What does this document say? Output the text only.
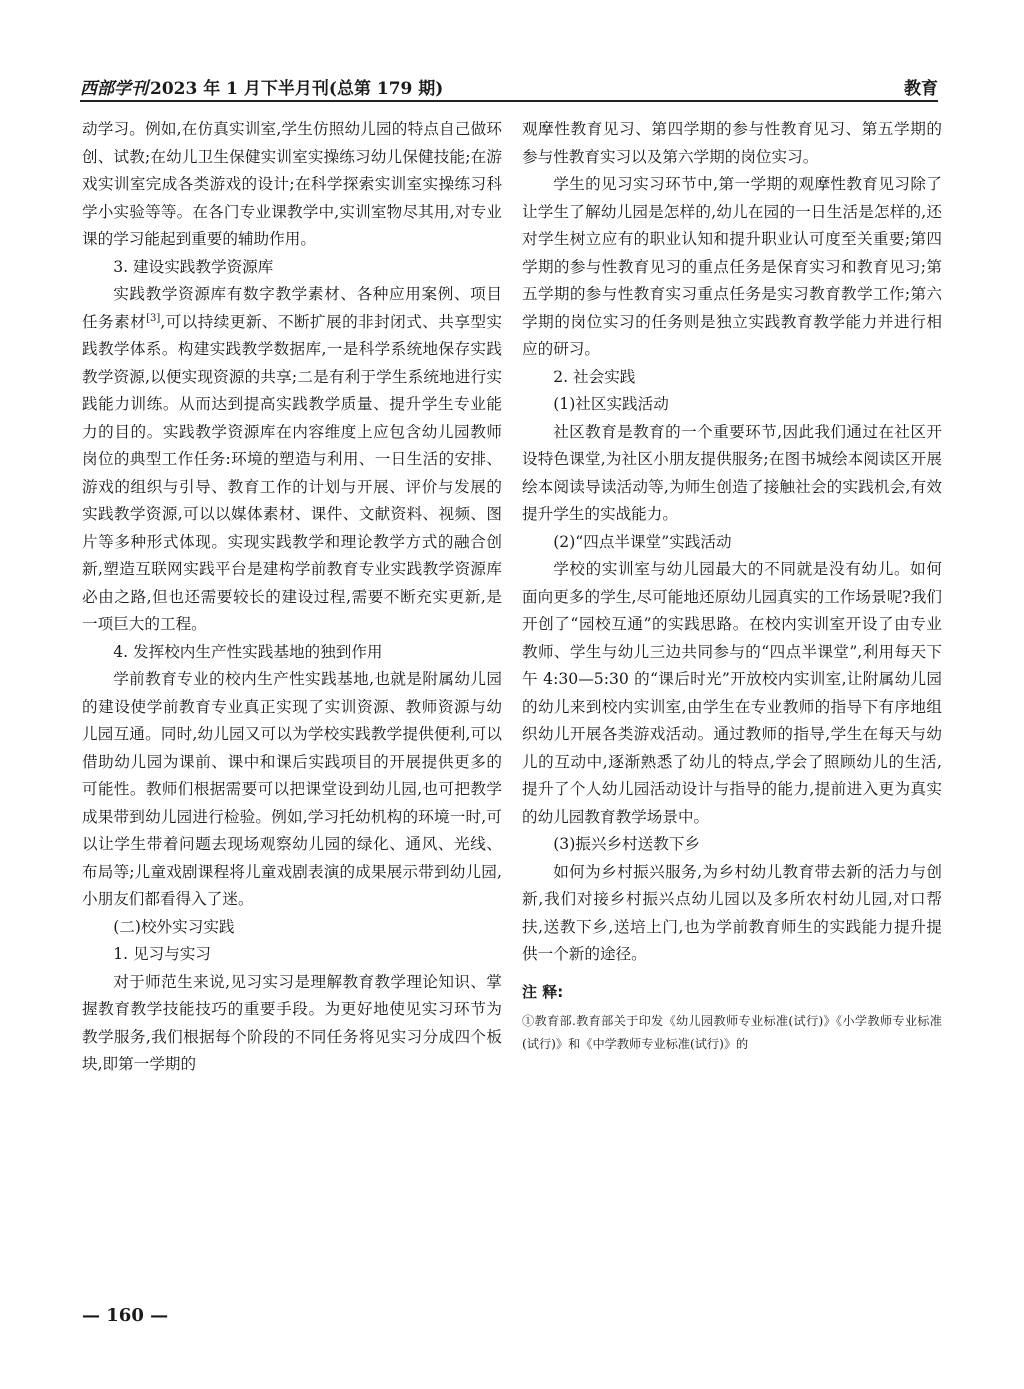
西部学刊 2023 年 1 月下半月刊(总第 179 期)	教育

动学习。例如,在仿真实训室,学生仿照幼儿园的特点自己做环创、试教;在幼儿卫生保健实训室实操练习幼儿保健技能;在游戏实训室完成各类游戏的设计;在科学探索实训室实操练习科学小实验等等。在各门专业课教学中,实训室物尽其用,对专业课的学习能起到重要的辅助作用。

3. 建设实践教学资源库

实践教学资源库有数字教学素材、各种应用案例、项目任务素材[3],可以持续更新、不断扩展的非封闭式、共享型实践教学体系。构建实践教学数据库,一是科学系统地保存实践教学资源,以便实现资源的共享;二是有利于学生系统地进行实践能力训练。从而达到提高实践教学质量、提升学生专业能力的目的。实践教学资源库在内容维度上应包含幼儿园教师岗位的典型工作任务:环境的塑造与利用、一日生活的安排、游戏的组织与引导、教育工作的计划与开展、评价与发展的实践教学资源,可以以媒体素材、课件、文献资料、视频、图片等多种形式体现。实现实践教学和理论教学方式的融合创新,塑造互联网实践平台是建构学前教育专业实践教学资源库必由之路,但也还需要较长的建设过程,需要不断充实更新,是一项巨大的工程。

4. 发挥校内生产性实践基地的独到作用

学前教育专业的校内生产性实践基地,也就是附属幼儿园的建设使学前教育专业真正实现了实训资源、教师资源与幼儿园互通。同时,幼儿园又可以为学校实践教学提供便利,可以借助幼儿园为课前、课中和课后实践项目的开展提供更多的可能性。教师们根据需要可以把课堂设到幼儿园,也可把教学成果带到幼儿园进行检验。例如,学习托幼机构的环境一时,可以让学生带着问题去现场观察幼儿园的绿化、通风、光线、布局等;儿童戏剧课程将儿童戏剧表演的成果展示带到幼儿园,小朋友们都看得入了迷。

(二)校外实习实践

1. 见习与实习

对于师范生来说,见习实习是理解教育教学理论知识、掌握教育教学技能技巧的重要手段。为更好地使见实习环节为教学服务,我们根据每个阶段的不同任务将见实习分成四个板块,即第一学期的

观摩性教育见习、第四学期的参与性教育见习、第五学期的参与性教育实习以及第六学期的岗位实习。

学生的见习实习环节中,第一学期的观摩性教育见习除了让学生了解幼儿园是怎样的,幼儿在园的一日生活是怎样的,还对学生树立应有的职业认知和提升职业认可度至关重要;第四学期的参与性教育见习的重点任务是保育实习和教育见习;第五学期的参与性教育实习重点任务是实习教育教学工作;第六学期的岗位实习的任务则是独立实践教育教学能力并进行相应的研习。

2. 社会实践

(1)社区实践活动

社区教育是教育的一个重要环节,因此我们通过在社区开设特色课堂,为社区小朋友提供服务;在图书城绘本阅读区开展绘本阅读导读活动等,为师生创造了接触社会的实践机会,有效提升学生的实战能力。

(2)“四点半课堂”实践活动

学校的实训室与幼儿园最大的不同就是没有幼儿。如何面向更多的学生,尽可能地还原幼儿园真实的工作场景呢?我们开创了“园校互通”的实践思路。在校内实训室开设了由专业教师、学生与幼儿三边共同参与的“四点半课堂”,利用每天下午 4:30—5:30 的“课后时光”开放校内实训室,让附属幼儿园的幼儿来到校内实训室,由学生在专业教师的指导下有序地组织幼儿开展各类游戏活动。通过教师的指导,学生在每天与幼儿的互动中,逐渐熟悉了幼儿的特点,学会了照顾幼儿的生活,提升了个人幼儿园活动设计与指导的能力,提前进入更为真实的幼儿园教育教学场景中。

(3)振兴乡村送教下乡

如何为乡村振兴服务,为乡村幼儿教育带去新的活力与创新,我们对接乡村振兴点幼儿园以及多所农村幼儿园,对口帮扶,送教下乡,送培上门,也为学前教育师生的实践能力提升提供一个新的途径。

注 释:

①教育部.教育部关于印发《幼儿园教师专业标准(试行)》《小学教师专业标准(试行)》和《中学教师专业标准(试行)》的

— 160 —
